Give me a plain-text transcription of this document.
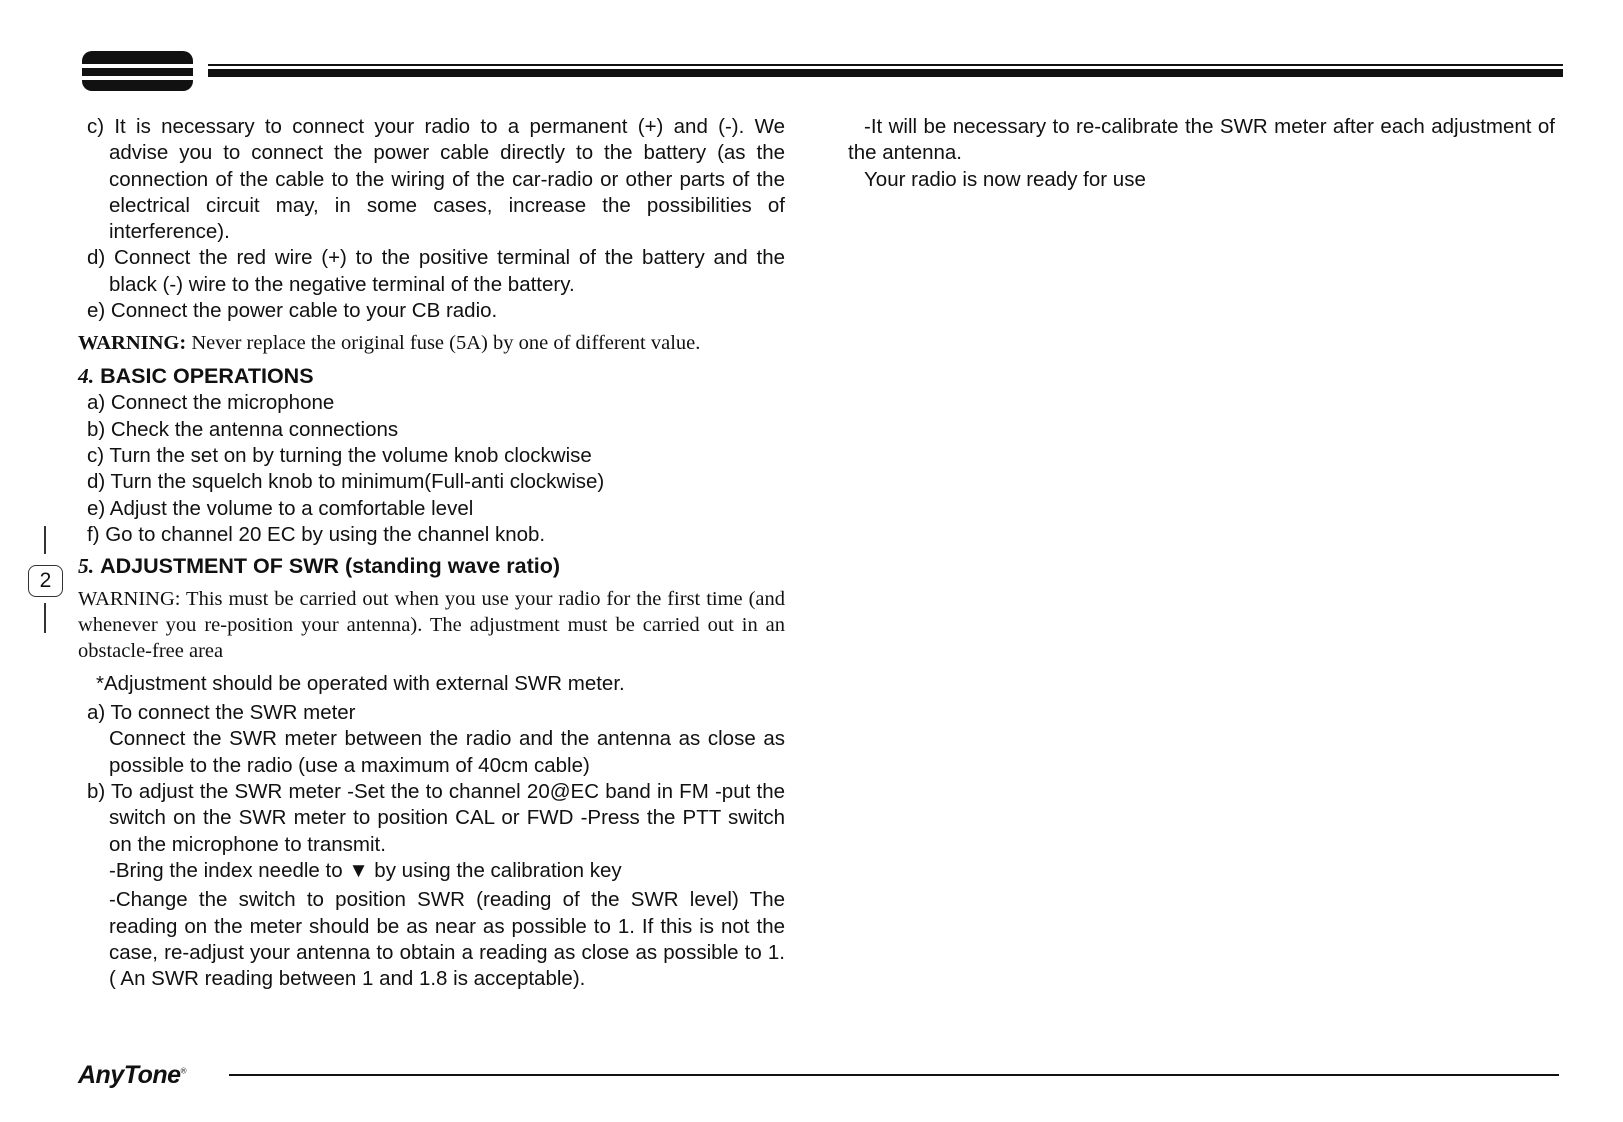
2

c) It is necessary to connect your radio to a permanent (+) and (-). We advise you to connect the power cable directly to the battery (as the connection of the cable to the wiring of the car-radio or other parts of the electrical circuit may, in some cases, increase the possibilities of interference).

d) Connect the red wire (+) to the positive terminal of the battery and the black (-) wire to the negative terminal of the battery.

e) Connect the power cable to your CB radio.

WARNING: Never replace the original fuse (5A) by one of different value.

4. BASIC OPERATIONS

a) Connect the microphone

b) Check the antenna connections

c) Turn the set on by turning the volume knob clockwise

d) Turn the squelch knob to minimum(Full-anti clockwise)

e) Adjust the volume to a comfortable level

f) Go to channel 20 EC by using the channel knob.

5. ADJUSTMENT OF SWR (standing wave ratio)

WARNING: This must be carried out when you use your radio for the first time (and whenever you re-position your antenna). The adjustment must be carried out in an obstacle-free area

*Adjustment should be operated with external SWR meter.

a) To connect the SWR meter

Connect the SWR meter between the radio and the antenna as close as possible to the radio (use a maximum of 40cm cable)

b) To adjust the SWR meter -Set the to channel 20@EC band in FM -put the switch on the SWR meter to position CAL or FWD -Press the PTT switch on the microphone to transmit.

-Bring the index needle to ▼ by using the calibration key

-Change the switch to position SWR (reading of the SWR level) The reading on the meter should be as near as possible to 1. If this is not the case, re-adjust your antenna to obtain a reading as close as possible to 1.( An SWR reading between 1 and 1.8 is acceptable).

-It will be necessary to re-calibrate the SWR meter after each adjustment of the antenna.

Your radio is now ready for use

AnyTone®
